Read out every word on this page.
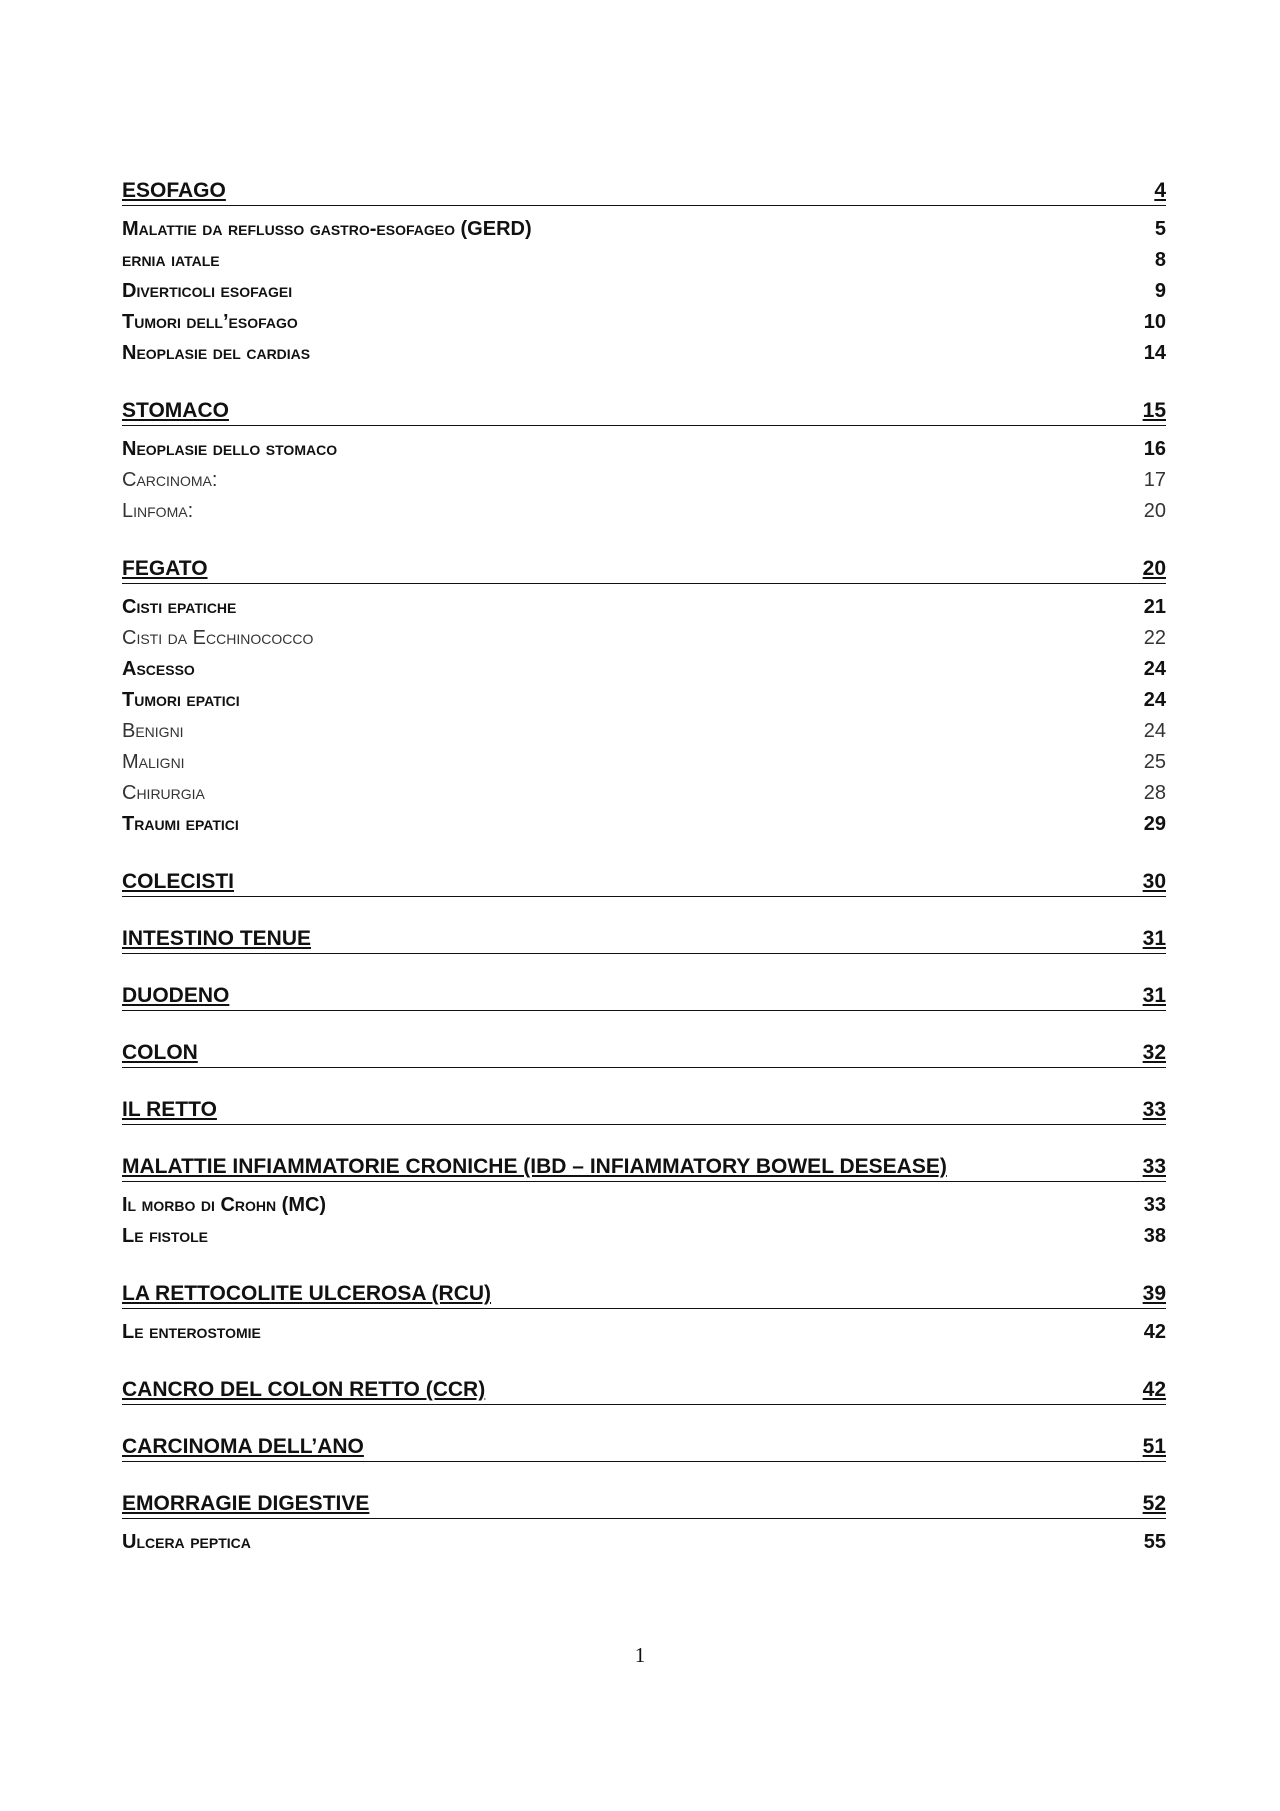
ESOFAGO	4
Malattie da reflusso gastro-esofageo (GERD)	5
ernia iatale	8
Diverticoli esofagei	9
Tumori dell’esofago	10
Neoplasie del cardias	14
STOMACO	15
Neoplasie dello stomaco	16
Carcinoma:	17
Linfoma:	20
FEGATO	20
Cisti epatiche	21
Cisti da Ecchinococco	22
Ascesso	24
Tumori epatici	24
Benigni	24
Maligni	25
Chirurgia	28
Traumi epatici	29
COLECISTI	30
INTESTINO TENUE	31
DUODENO	31
COLON	32
IL RETTO	33
MALATTIE INFIAMMATORIE CRONICHE (IBD – INFIAMMATORY BOWEL DESEASE)	33
Il morbo di Crohn (MC)	33
Le fistole	38
LA RETTOCOLITE ULCEROSA (RCU)	39
Le enterostomie	42
CANCRO DEL COLON RETTO (CCR)	42
CARCINOMA DELL’ANO	51
EMORRAGIE DIGESTIVE	52
Ulcera peptica	55
1
